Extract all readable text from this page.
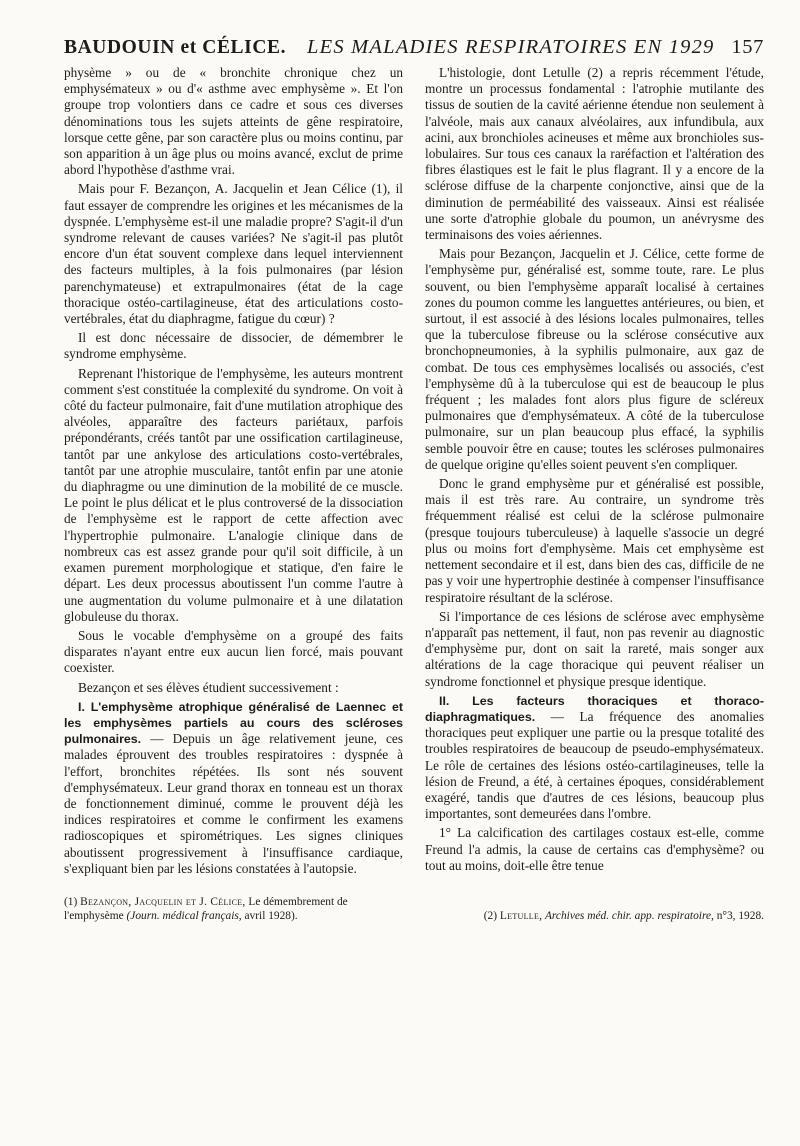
BAUDOUIN et CÉLICE. LES MALADIES RESPIRATOIRES EN 1929 157

physème » ou de « bronchite chronique chez un emphysémateux » ou d'« asthme avec emphysème ». Et l'on groupe trop volontiers dans ce cadre et sous ces diverses dénominations tous les sujets atteints de gêne respiratoire, lorsque cette gêne, par son caractère plus ou moins continu, par son apparition à un âge plus ou moins avancé, exclut de prime abord l'hypothèse d'asthme vrai.

Mais pour F. Bezançon, A. Jacquelin et Jean Célice (1), il faut essayer de comprendre les origines et les mécanismes de la dyspnée. L'emphysème est-il une maladie propre? S'agit-il d'un syndrome relevant de causes variées? Ne s'agit-il pas plutôt encore d'un état souvent complexe dans lequel interviennent des facteurs multiples, à la fois pulmonaires (par lésion parenchymateuse) et extrapulmonaires (état de la cage thoracique ostéo-cartilagineuse, état des articulations costo-vertébrales, état du diaphragme, fatigue du cœur) ?

Il est donc nécessaire de dissocier, de démembrer le syndrome emphysème.

Reprenant l'historique de l'emphysème, les auteurs montrent comment s'est constituée la complexité du syndrome. On voit à côté du facteur pulmonaire, fait d'une mutilation atrophique des alvéoles, apparaître des facteurs pariétaux, parfois prépondérants, créés tantôt par une ossification cartilagineuse, tantôt par une ankylose des articulations costo-vertébrales, tantôt par une atrophie musculaire, tantôt enfin par une atonie du diaphragme ou une diminution de la mobilité de ce muscle. Le point le plus délicat et le plus controversé de la dissociation de l'emphysème est le rapport de cette affection avec l'hypertrophie pulmonaire. L'analogie clinique dans de nombreux cas est assez grande pour qu'il soit difficile, à un examen purement morphologique et statique, d'en faire le départ. Les deux processus aboutissent l'un comme l'autre à une augmentation du volume pulmonaire et à une dilatation globuleuse du thorax.

Sous le vocable d'emphysème on a groupé des faits disparates n'ayant entre eux aucun lien forcé, mais pouvant coexister.

Bezançon et ses élèves étudient successivement :

I. L'emphysème atrophique généralisé de Laennec et les emphysèmes partiels au cours des scléroses pulmonaires. — Depuis un âge relativement jeune, ces malades éprouvent des troubles respiratoires : dyspnée à l'effort, bronchites répétées. Ils sont nés souvent d'emphysémateux. Leur grand thorax en tonneau est un thorax de fonctionnement diminué, comme le prouvent déjà les indices respiratoires et comme le confirment les examens radioscopiques et spirométriques. Les signes cliniques aboutissent progressivement à l'insuffisance cardiaque, s'expliquant bien par les lésions constatées à l'autopsie.

L'histologie, dont Letulle (2) a repris récemment l'étude, montre un processus fondamental : l'atrophie mutilante des tissus de soutien de la cavité aérienne étendue non seulement à l'alvéole, mais aux canaux alvéolaires, aux infundibula, aux acini, aux bronchioles acineuses et même aux bronchioles sus-lobulaires. Sur tous ces canaux la raréfaction et l'altération des fibres élastiques est le fait le plus flagrant. Il y a encore de la sclérose diffuse de la charpente conjonctive, ainsi que de la diminution de perméabilité des vaisseaux. Ainsi est réalisée une sorte d'atrophie globale du poumon, un anévrysme des terminaisons des voies aériennes.

Mais pour Bezançon, Jacquelin et J. Célice, cette forme de l'emphysème pur, généralisé est, somme toute, rare. Le plus souvent, ou bien l'emphysème apparaît localisé à certaines zones du poumon comme les languettes antérieures, ou bien, et surtout, il est associé à des lésions locales pulmonaires, telles que la tuberculose fibreuse ou la sclérose consécutive aux bronchopneumonies, à la syphilis pulmonaire, aux gaz de combat. De tous ces emphysèmes localisés ou associés, c'est l'emphysème dû à la tuberculose qui est de beaucoup le plus fréquent ; les malades font alors plus figure de scléreux pulmonaires que d'emphysémateux. A côté de la tuberculose pulmonaire, sur un plan beaucoup plus effacé, la syphilis semble pouvoir être en cause; toutes les scléroses pulmonaires de quelque origine qu'elles soient peuvent s'en compliquer.

Donc le grand emphysème pur et généralisé est possible, mais il est très rare. Au contraire, un syndrome très fréquemment réalisé est celui de la sclérose pulmonaire (presque toujours tuberculeuse) à laquelle s'associe un degré plus ou moins fort d'emphysème. Mais cet emphysème est nettement secondaire et il est, dans bien des cas, difficile de ne pas y voir une hypertrophie destinée à compenser l'insuffisance respiratoire résultant de la sclérose.

Si l'importance de ces lésions de sclérose avec emphysème n'apparaît pas nettement, il faut, non pas revenir au diagnostic d'emphysème pur, dont on sait la rareté, mais songer aux altérations de la cage thoracique qui peuvent réaliser un syndrome fonctionnel et physique presque identique.

II. Les facteurs thoraciques et thoraco-diaphragmatiques. — La fréquence des anomalies thoraciques peut expliquer une partie ou la presque totalité des troubles respiratoires de beaucoup de pseudo-emphysémateux. Le rôle de certaines des lésions ostéo-cartilagineuses, telle la lésion de Freund, a été, à certaines époques, considérablement exagéré, tandis que d'autres de ces lésions, beaucoup plus importantes, sont demeurées dans l'ombre.

1° La calcification des cartilages costaux est-elle, comme Freund l'a admis, la cause de certains cas d'emphysème? ou tout au moins, doit-elle être tenue

(1) Bezançon, Jacquelin et J. Célice, Le démembrement de l'emphysème (Journ. médical français, avril 1928).	(2) Letulle, Archives méd. chir. app. respiratoire, n°3, 1928.
